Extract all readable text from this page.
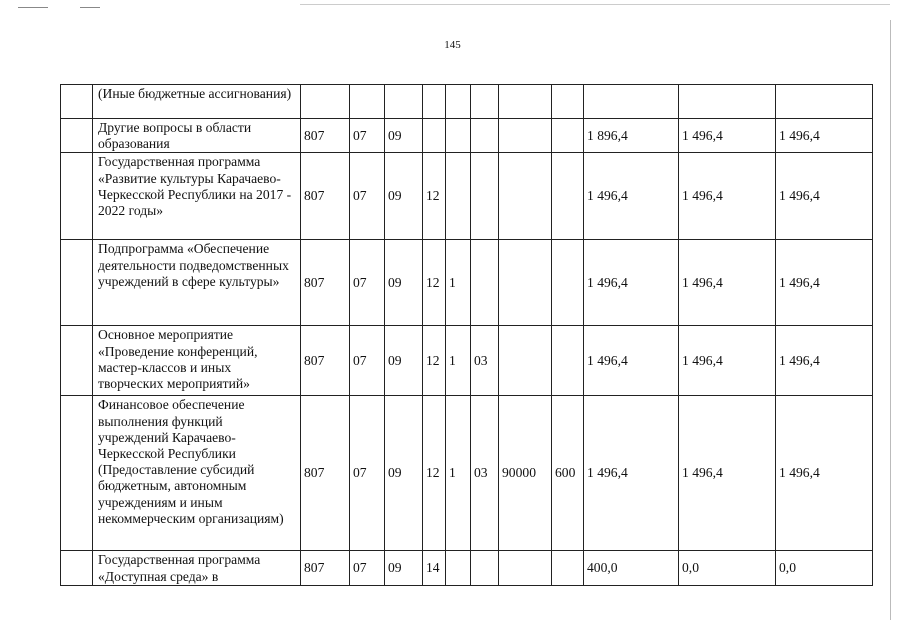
145
	(Иные бюджетные ассигнования)											
	Другие вопросы в области образования	807	07	09						1 896,4	1 496,4	1 496,4
	Государственная программа «Развитие культуры Карачаево-Черкесской Республики на 2017 - 2022 годы»	807	07	09	12					1 496,4	1 496,4	1 496,4
	Подпрограмма «Обеспечение деятельности подведомственных учреждений в сфере культуры»	807	07	09	12	1				1 496,4	1 496,4	1 496,4
	Основное мероприятие «Проведение конференций, мастер-классов и иных творческих мероприятий»	807	07	09	12	1	03			1 496,4	1 496,4	1 496,4
	Финансовое обеспечение выполнения функций учреждений Карачаево-Черкесской Республики (Предоставление субсидий бюджетным, автономным учреждениям и иным некоммерческим организациям)	807	07	09	12	1	03	90000	600	1 496,4	1 496,4	1 496,4
	Государственная программа «Доступная среда» в	807	07	09	14					400,0	0,0	0,0
